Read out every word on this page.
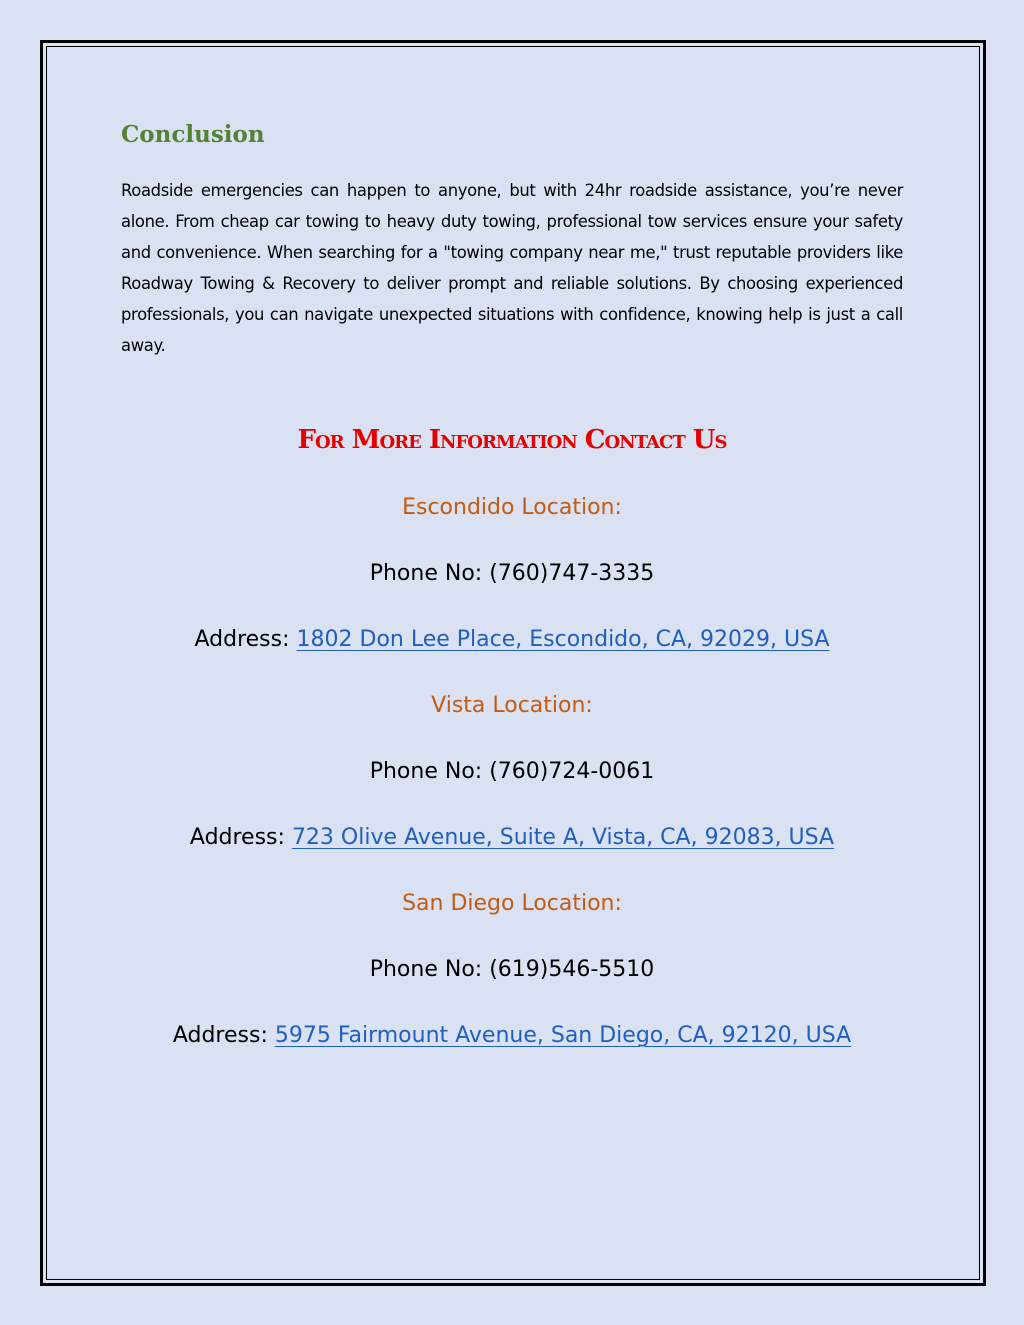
Conclusion

Roadside emergencies can happen to anyone, but with 24hr roadside assistance, you’re never alone. From cheap car towing to heavy duty towing, professional tow services ensure your safety and convenience. When searching for a "towing company near me," trust reputable providers like Roadway Towing & Recovery to deliver prompt and reliable solutions. By choosing experienced professionals, you can navigate unexpected situations with confidence, knowing help is just a call away.

For More Information Contact Us

Escondido Location:

Phone No: (760)747-3335

Address: 1802 Don Lee Place, Escondido, CA, 92029, USA

Vista Location:

Phone No: (760)724-0061

Address: 723 Olive Avenue, Suite A, Vista, CA, 92083, USA

San Diego Location:

Phone No: (619)546-5510

Address: 5975 Fairmount Avenue, San Diego, CA, 92120, USA
